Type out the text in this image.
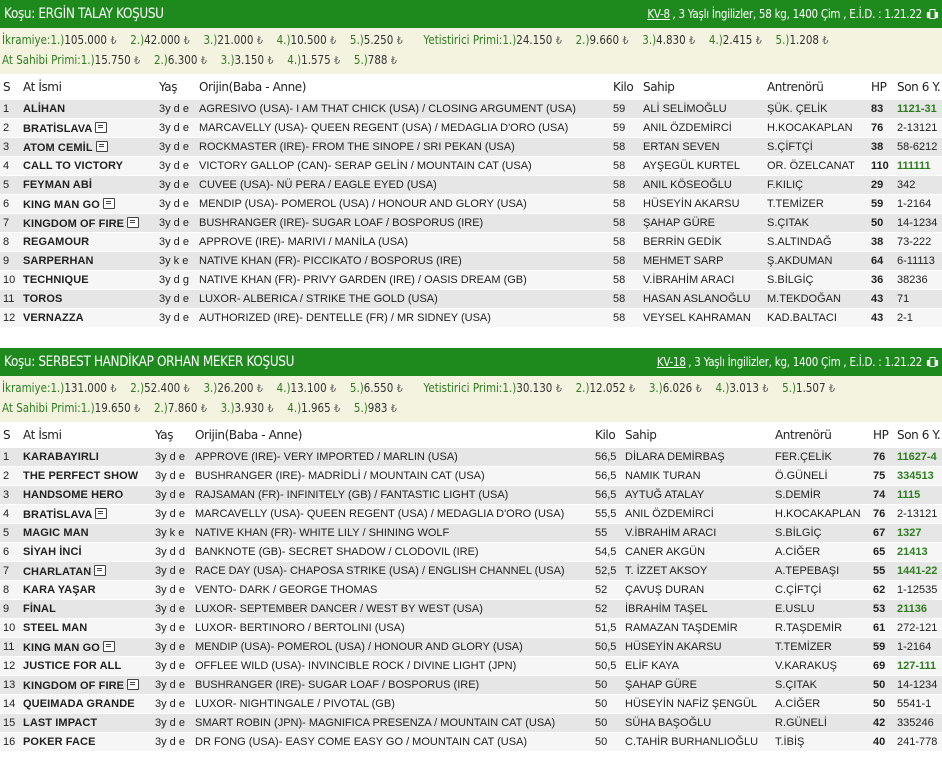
Koşu: ERGİN TALAY KOŞUSU	KV-8 , 3 Yaşlı İngilizler, 58 kg, 1400 Çim , E.İ.D. : 1.21.22
İkramiye:1.)105.000 ₺ 2.)42.000 ₺ 3.)21.000 ₺ 4.)10.500 ₺ 5.)5.250 ₺ Yetistirici Primi:1.)24.150 ₺ 2.)9.660 ₺ 3.)4.830 ₺ 4.)2.415 ₺ 5.)1.208 ₺
At Sahibi Primi:1.)15.750 ₺ 2.)6.300 ₺ 3.)3.150 ₺ 4.)1.575 ₺ 5.)788 ₺
S	At İsmi	Yaş	Orijin(Baba - Anne)	Kilo	Sahip	Antrenörü	HP	Son 6 Y.
1	ALİHAN	3y d e	AGRESIVO (USA)- I AM THAT CHICK (USA) / CLOSING ARGUMENT (USA)	59	ALİ SELİMOĞLU	ŞÜK. ÇELİK	83	1121-31
2	BRATİSLAVA	3y d e	MARCAVELLY (USA)- QUEEN REGENT (USA) / MEDAGLIA D'ORO (USA)	59	ANIL ÖZDEMİRCİ	H.KOCAKAPLAN	76	2-13121
3	ATOM CEMİL	3y d e	ROCKMASTER (IRE)- FROM THE SINOPE / SRI PEKAN (USA)	58	ERTAN SEVEN	S.ÇİFTÇİ	38	58-6212
4	CALL TO VICTORY	3y d e	VICTORY GALLOP (CAN)- SERAP GELİN / MOUNTAIN CAT (USA)	58	AYŞEGÜL KURTEL	OR. ÖZELCANAT	110	111111
5	FEYMAN ABİ	3y d e	CUVEE (USA)- NÜ PERA / EAGLE EYED (USA)	58	ANIL KÖSEOĞLU	F.KILIÇ	29	342
6	KING MAN GO	3y d e	MENDIP (USA)- POMEROL (USA) / HONOUR AND GLORY (USA)	58	HÜSEYİN AKARSU	T.TEMİZER	59	1-2164
7	KINGDOM OF FIRE	3y d e	BUSHRANGER (IRE)- SUGAR LOAF / BOSPORUS (IRE)	58	ŞAHAP GÜRE	S.ÇITAK	50	14-1234
8	REGAMOUR	3y d e	APPROVE (IRE)- MARIVI / MANİLA (USA)	58	BERRİN GEDİK	S.ALTINDAĞ	38	73-222
9	SARPERHAN	3y k e	NATIVE KHAN (FR)- PICCIKATO / BOSPORUS (IRE)	58	MEHMET SARP	Ş.AKDUMAN	64	6-11113
10	TECHNIQUE	3y d g	NATIVE KHAN (FR)- PRIVY GARDEN (IRE) / OASIS DREAM (GB)	58	V.İBRAHİM ARACI	S.BİLGİÇ	36	38236
11	TOROS	3y d e	LUXOR- ALBERICA / STRIKE THE GOLD (USA)	58	HASAN ASLANOĞLU	M.TEKDOĞAN	43	71
12	VERNAZZA	3y d e	AUTHORIZED (IRE)- DENTELLE (FR) / MR SIDNEY (USA)	58	VEYSEL KAHRAMAN	KAD.BALTACI	43	2-1
Koşu: SERBEST HANDİKAP ORHAN MEKER KOŞUSU	KV-18 , 3 Yaşlı İngilizler, kg, 1400 Çim , E.İ.D. : 1.21.22
İkramiye:1.)131.000 ₺ 2.)52.400 ₺ 3.)26.200 ₺ 4.)13.100 ₺ 5.)6.550 ₺ Yetistirici Primi:1.)30.130 ₺ 2.)12.052 ₺ 3.)6.026 ₺ 4.)3.013 ₺ 5.)1.507 ₺
At Sahibi Primi:1.)19.650 ₺ 2.)7.860 ₺ 3.)3.930 ₺ 4.)1.965 ₺ 5.)983 ₺
S	At İsmi	Yaş	Orijin(Baba - Anne)	Kilo	Sahip	Antrenörü	HP	Son 6 Y.
1	KARABAYIRLI	3y d e	APPROVE (IRE)- VERY IMPORTED / MARLIN (USA)	56,5	DİLARA DEMİRBAŞ	FER.ÇELİK	76	11627-4
2	THE PERFECT SHOW	3y d e	BUSHRANGER (IRE)- MADRİDLİ / MOUNTAIN CAT (USA)	56,5	NAMIK TURAN	Ö.GÜNELİ	75	334513
3	HANDSOME HERO	3y d e	RAJSAMAN (FR)- INFINITELY (GB) / FANTASTIC LIGHT (USA)	56,5	AYTUĞ ATALAY	S.DEMİR	74	1115
4	BRATİSLAVA	3y d e	MARCAVELLY (USA)- QUEEN REGENT (USA) / MEDAGLIA D'ORO (USA)	55,5	ANIL ÖZDEMİRCİ	H.KOCAKAPLAN	76	2-13121
5	MAGIC MAN	3y k e	NATIVE KHAN (FR)- WHITE LILY / SHINING WOLF	55	V.İBRAHİM ARACI	S.BİLGİÇ	67	1327
6	SİYAH İNCİ	3y d d	BANKNOTE (GB)- SECRET SHADOW / CLODOVIL (IRE)	54,5	CANER AKGÜN	A.CİĞER	65	21413
7	CHARLATAN	3y d e	RACE DAY (USA)- CHAPOSA STRIKE (USA) / ENGLISH CHANNEL (USA)	52,5	T. İZZET AKSOY	A.TEPEBAŞI	55	1441-22
8	KARA YAŞAR	3y d e	VENTO- DARK / GEORGE THOMAS	52	ÇAVUŞ DURAN	C.ÇİFTÇİ	62	1-12535
9	FİNAL	3y d e	LUXOR- SEPTEMBER DANCER / WEST BY WEST (USA)	52	İBRAHİM TAŞEL	E.USLU	53	21136
10	STEEL MAN	3y d e	LUXOR- BERTINORO / BERTOLINI (USA)	51,5	RAMAZAN TAŞDEMİR	R.TAŞDEMİR	61	272-121
11	KING MAN GO	3y d e	MENDIP (USA)- POMEROL (USA) / HONOUR AND GLORY (USA)	50,5	HÜSEYİN AKARSU	T.TEMİZER	59	1-2164
12	JUSTICE FOR ALL	3y d e	OFFLEE WILD (USA)- INVINCIBLE ROCK / DIVINE LIGHT (JPN)	50,5	ELİF KAYA	V.KARAKUŞ	69	127-111
13	KINGDOM OF FIRE	3y d e	BUSHRANGER (IRE)- SUGAR LOAF / BOSPORUS (IRE)	50	ŞAHAP GÜRE	S.ÇITAK	50	14-1234
14	QUEIMADA GRANDE	3y d e	LUXOR- NIGHTINGALE / PIVOTAL (GB)	50	HÜSEYİN NAFİZ ŞENGÜL	A.CİĞER	50	5541-1
15	LAST IMPACT	3y d e	SMART ROBIN (JPN)- MAGNIFICA PRESENZA / MOUNTAIN CAT (USA)	50	SÜHA BAŞOĞLU	R.GÜNELİ	42	335246
16	POKER FACE	3y d e	DR FONG (USA)- EASY COME EASY GO / MOUNTAIN CAT (USA)	50	C.TAHİR BURHANLIOĞLU	T.İBİŞ	40	241-778
